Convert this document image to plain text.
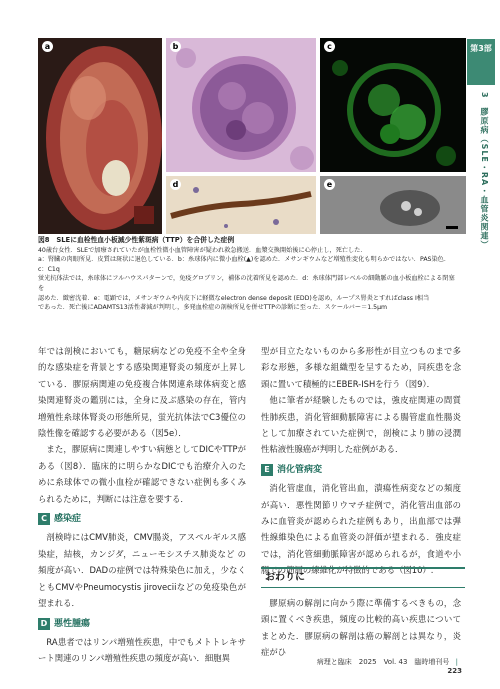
a	b	c
d	e
図8　SLEに血栓性血小板減少性紫斑病（TTP）を合併した症例
40歳台女性．SLEで加療されていたが血栓性微小血管障害が疑われ救急搬送．血漿交換開始後に心停止し，死亡した．
a：腎臓の肉眼所見．皮質は斑状に退色している．b：糸球体内に微小血栓(▲)を認めた．メサンギウムなど増殖性変化も明らかではない．PAS染色．c：C1q
蛍光抗体法では，糸球体にフルハウスパターンで，免疫グロブリン，補体の沈着所見を認めた．d：糸球体門部レベルの細動脈の血小板血栓による閉塞を
認めた．緻密沈着．e：電顕では，メサンギウムや内皮下に軽微なelectron dense deposit (EDD)を認め，ループス腎炎とすればclass I相当
であった．死亡後にADAMTS13活性著減が判明し，多発血栓症の剖検所見を併せTTPの診断に至った．スケールバー＝1.5μm

年では剖検においても，糖尿病などの免疫不全や全身的な感染症を背景とする感染関連腎炎の頻度が上昇している．膠原病関連の免疫複合体関連糸球体病変と感染関連腎炎の鑑別には，全身に及ぶ感染の存在，管内増殖性糸球体腎炎の形態所見，蛍光抗体法でC3優位の陰性像を確認する必要がある（図5e）．

また，膠原病に関連しやすい病態としてDICやTTPがある（図8）．臨床的に明らかなDICでも治療介入のために糸球体での微小血栓が確認できない症例も多くみられるために，判断には注意を要する．

C 感染症

剖検時にはCMV肺炎，CMV腸炎，アスペルギルス感染症，結核，カンジダ，ニューモシスチス肺炎など の頻度が高い．DADの症例では特殊染色に加え，少なくともCMVやPneumocystis jiroveciiなどの免疫染色が望まれる．

D 悪性腫瘍

RA患者ではリンパ増殖性疾患，中でもメトトレキサート関連のリンパ増殖性疾患の頻度が高い．細胞異

型が目立たないものから多形性が目立つものまで多彩な形態，多様な組織型を呈するため，同疾患を念頭に置いて積極的にEBER-ISHを行う（図9）．

他に筆者が経験したものでは，強皮症関連の間質性肺疾患，消化管細動脈障害による腸管虚血性腸炎として加療されていた症例で，剖検により肺の浸潤性粘液性腺癌が判明した症例がある．

E 消化管病変

消化管虚血，消化管出血，潰瘍性病変などの頻度が高い．悪性関節リウマチ症例で，消化管出血部のみに血管炎が認められた症例もあり，出血部では弾性線維染色による血管炎の評価が望まれる．強皮症では，消化管細動脈障害が認められるが，食道や小腸での筋層の線維化が特徴的である（図10）.

おわりに

膠原病の解剖に向かう際に準備するべきもの，念頭に置くべき疾患，頻度の比較的高い疾患についてまとめた．膠原病の解剖は癌の解剖とは異なり，炎症がひ

第3部
3　膠原病（SLE・RA・血管炎関連）
病理と臨床　2025　Vol. 43　臨時増刊号 | 223
